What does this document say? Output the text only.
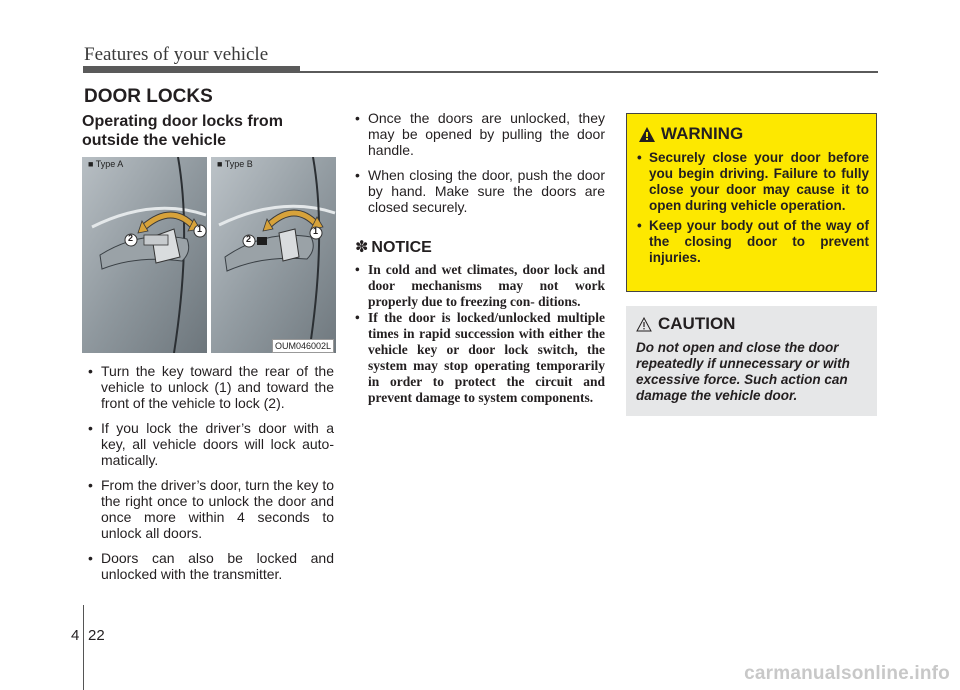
Features of your vehicle
DOOR LOCKS
Operating door locks from outside the vehicle
■ Type A
1
2
■ Type B
1
2
OUM046002L
• Turn the key toward the rear of the vehicle to unlock (1) and toward the front of the vehicle to lock (2).
• If you lock the driver’s door with a key, all vehicle doors will lock auto- matically.
• From the driver’s door, turn the key to the right once to unlock the door and once more within 4 seconds to unlock all doors.
• Doors can also be locked and unlocked with the transmitter.
• Once the doors are unlocked, they may be opened by pulling the door handle.
• When closing the door, push the door by hand. Make sure the doors are closed securely.
✽ NOTICE
• In cold and wet climates, door lock and door mechanisms may not work properly due to freezing con- ditions.
• If the door is locked/unlocked multiple times in rapid succession with either the vehicle key or door lock switch, the system may stop operating temporarily in order to protect the circuit and prevent damage to system components.
WARNING
• Securely close your door before you begin driving. Failure to fully close your door may cause it to open during vehicle operation.
• Keep your body out of the way of the closing door to prevent injuries.
CAUTION
Do not open and close the door repeatedly if unnecessary or with excessive force. Such action can damage the vehicle door.
4 22
carmanualsonline.info
